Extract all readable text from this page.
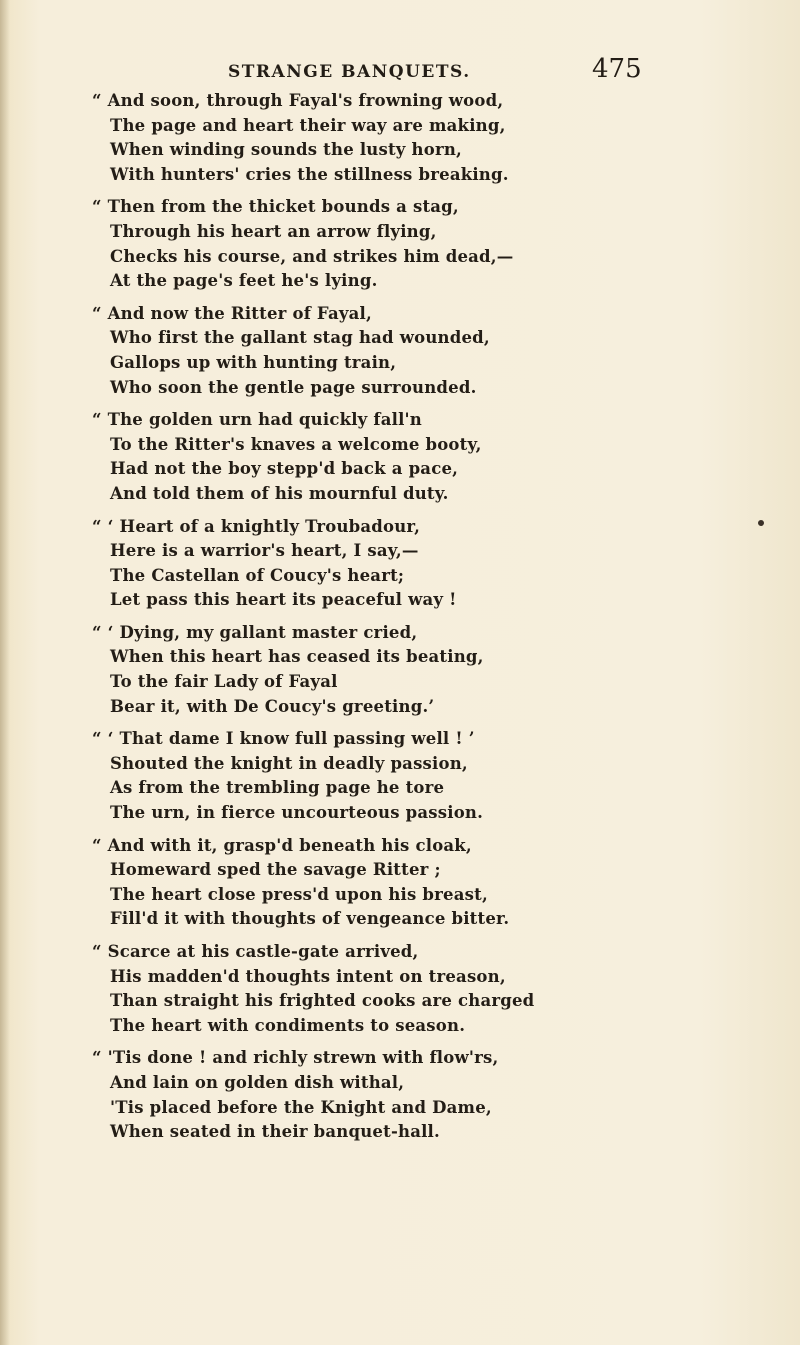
STRANGE BANQUETS.	475
“ And soon, through Fayal's frowning wood,
The page and heart their way are making,
When winding sounds the lusty horn,
With hunters' cries the stillness breaking.
“ Then from the thicket bounds a stag,
Through his heart an arrow flying,
Checks his course, and strikes him dead,—
At the page's feet he's lying.
“ And now the Ritter of Fayal,
Who first the gallant stag had wounded,
Gallops up with hunting train,
Who soon the gentle page surrounded.
“ The golden urn had quickly fall'n
To the Ritter's knaves a welcome booty,
Had not the boy stepp'd back a pace,
And told them of his mournful duty.
“ ‘ Heart of a knightly Troubadour,
Here is a warrior's heart, I say,—
The Castellan of Coucy's heart;
Let pass this heart its peaceful way !
“ ‘ Dying, my gallant master cried,
When this heart has ceased its beating,
To the fair Lady of Fayal
Bear it, with De Coucy's greeting.’
“ ‘ That dame I know full passing well ! ’
Shouted the knight in deadly passion,
As from the trembling page he tore
The urn, in fierce uncourteous passion.
“ And with it, grasp'd beneath his cloak,
Homeward sped the savage Ritter ;
The heart close press'd upon his breast,
Fill'd it with thoughts of vengeance bitter.
“ Scarce at his castle-gate arrived,
His madden'd thoughts intent on treason,
Than straight his frighted cooks are charged
The heart with condiments to season.
“ 'Tis done ! and richly strewn with flow'rs,
And lain on golden dish withal,
'Tis placed before the Knight and Dame,
When seated in their banquet-hall.
